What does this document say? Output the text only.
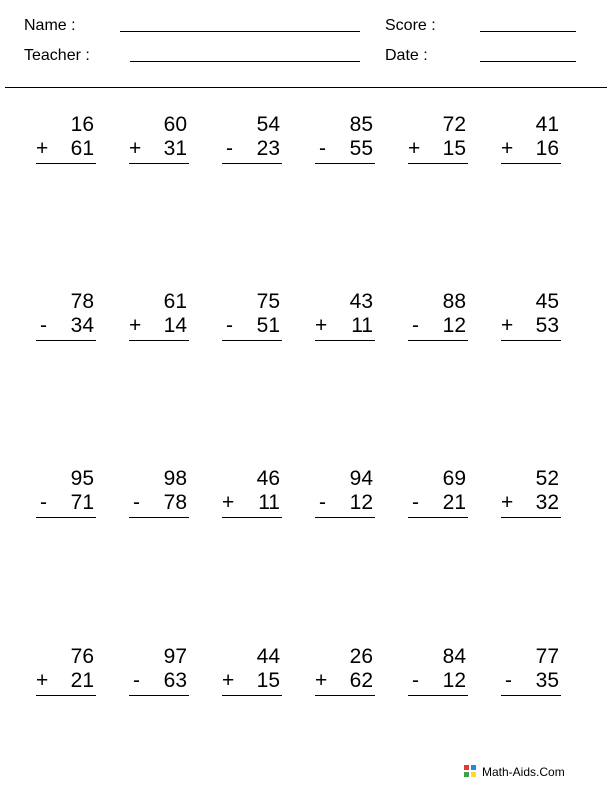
Name :	Score :
Teacher :	Date :
16
+ 61
60
+ 31
54
- 23
85
- 55
72
+ 15
41
+ 16
78
- 34
61
+ 14
75
- 51
43
+ 11
88
- 12
45
+ 53
95
- 71
98
- 78
46
+ 11
94
- 12
69
- 21
52
+ 32
76
+ 21
97
- 63
44
+ 15
26
+ 62
84
- 12
77
- 35
Math-Aids.Com
